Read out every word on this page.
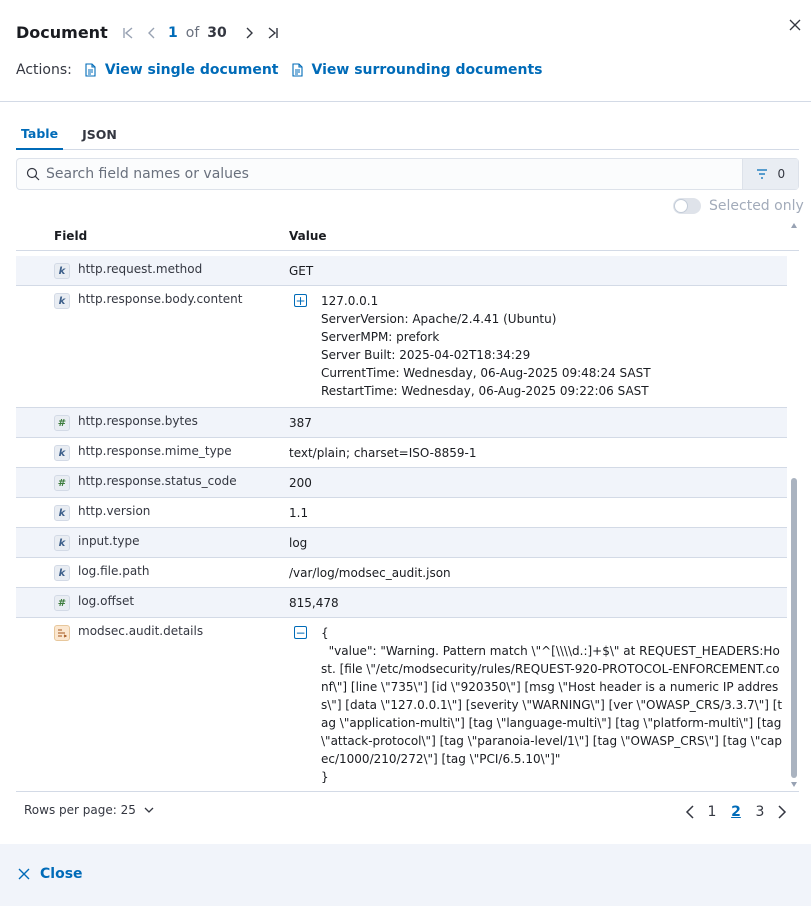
Document	1 of 30
Actions: View single document View surrounding documents
Table	JSON
Search field names or values
0
Selected only
Field	Value
k	http.request.method	GET
k	http.response.body.content	+ 127.0.0.1
ServerVersion: Apache/2.4.41 (Ubuntu)
ServerMPM: prefork
Server Built: 2025-04-02T18:34:29
CurrentTime: Wednesday, 06-Aug-2025 09:48:24 SAST
RestartTime: Wednesday, 06-Aug-2025 09:22:06 SAST
# http.response.bytes	387
k	http.response.mime_type	text/plain; charset=ISO-8859-1
# http.response.status_code	200
k	http.version	1.1
k	input.type	log
k	log.file.path	/var/log/modsec_audit.json
# log.offset	815,478
modsec.audit.details	− {
"value": "Warning. Pattern match \"^[\\\\d.:]+$\" at REQUEST_HEADERS:Host. [file \"/etc/modsecurity/rules/REQUEST-920-PROTOCOL-ENFORCEMENT.conf\"] [line \"735\"] [id \"920350\"] [msg \"Host header is a numeric IP address\"] [data \"127.0.0.1\"] [severity \"WARNING\"] [ver \"OWASP_CRS/3.3.7\"] [tag \"application-multi\"] [tag \"language-multi\"] [tag \"platform-multi\"] [tag \"attack-protocol\"] [tag \"paranoia-level/1\"] [tag \"OWASP_CRS\"] [tag \"capec/1000/210/272\"] [tag \"PCI/6.5.10\"]"
}
Rows per page: 25	1	2	3
Close
